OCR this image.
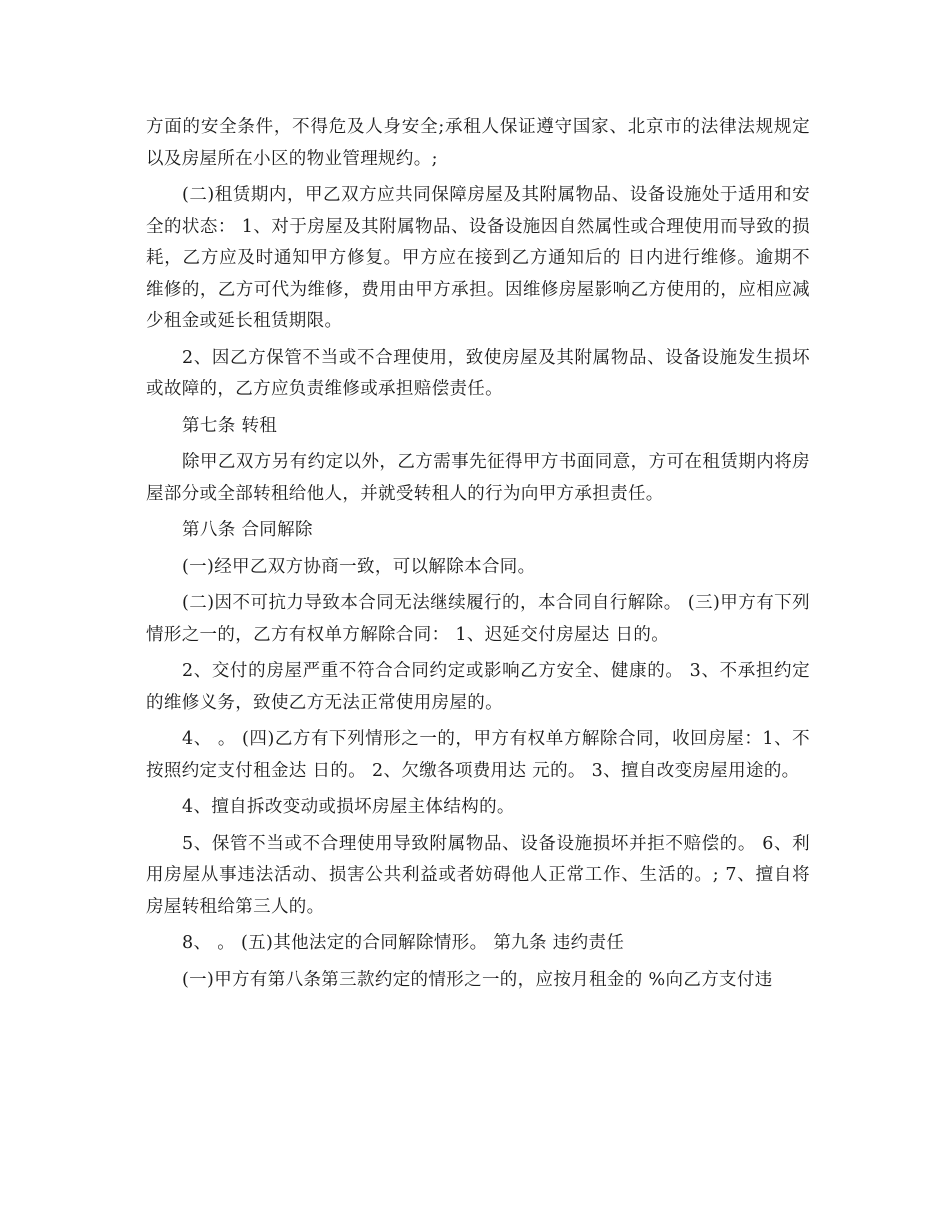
方面的安全条件，不得危及人身安全;承租人保证遵守国家、北京市的法律法规规定以及房屋所在小区的物业管理规约。;

(二)租赁期内，甲乙双方应共同保障房屋及其附属物品、设备设施处于适用和安全的状态： 1、对于房屋及其附属物品、设备设施因自然属性或合理使用而导致的损耗，乙方应及时通知甲方修复。甲方应在接到乙方通知后的 日内进行维修。逾期不维修的，乙方可代为维修，费用由甲方承担。因维修房屋影响乙方使用的，应相应减少租金或延长租赁期限。

2、因乙方保管不当或不合理使用，致使房屋及其附属物品、设备设施发生损坏或故障的，乙方应负责维修或承担赔偿责任。

第七条 转租

除甲乙双方另有约定以外，乙方需事先征得甲方书面同意，方可在租赁期内将房屋部分或全部转租给他人，并就受转租人的行为向甲方承担责任。

第八条 合同解除

(一)经甲乙双方协商一致，可以解除本合同。

(二)因不可抗力导致本合同无法继续履行的，本合同自行解除。 (三)甲方有下列情形之一的，乙方有权单方解除合同： 1、迟延交付房屋达 日的。

2、交付的房屋严重不符合合同约定或影响乙方安全、健康的。 3、不承担约定的维修义务，致使乙方无法正常使用房屋的。

4、 。 (四)乙方有下列情形之一的，甲方有权单方解除合同，收回房屋：1、不按照约定支付租金达 日的。 2、欠缴各项费用达 元的。 3、擅自改变房屋用途的。

4、擅自拆改变动或损坏房屋主体结构的。

5、保管不当或不合理使用导致附属物品、设备设施损坏并拒不赔偿的。 6、利用房屋从事违法活动、损害公共利益或者妨碍他人正常工作、生活的。; 7、擅自将房屋转租给第三人的。

8、 。 (五)其他法定的合同解除情形。 第九条 违约责任

(一)甲方有第八条第三款约定的情形之一的，应按月租金的 %向乙方支付违
